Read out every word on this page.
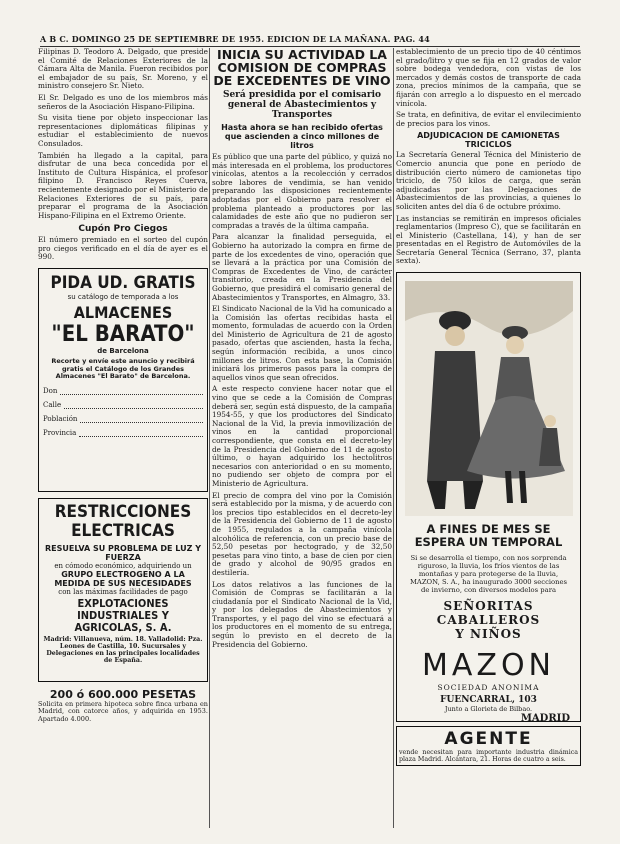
A B C. DOMINGO 25 DE SEPTIEMBRE DE 1955. EDICION DE LA MAÑANA. PAG. 44

Filipinas D. Teodoro A. Delgado, que preside el Comité de Relaciones Exteriores de la Cámara Alta de Manila. Fueron recibidos por el embajador de su país, Sr. Moreno, y el ministro consejero Sr. Nieto.

El Sr. Delgado es uno de los miembros más señeros de la Asociación Hispano-Filipina.

Su visita tiene por objeto inspeccionar las representaciones diplomáticas filipinas y estudiar el establecimiento de nuevos Consulados.

También ha llegado a la capital, para disfrutar de una beca concedida por el Instituto de Cultura Hispánica, el profesor filipino D. Francisco Reyes Cuerva, recientemente designado por el Ministerio de Relaciones Exteriores de su país, para preparar el programa de la Asociación Hispano-Filipina en el Extremo Oriente.

Cupón Pro Ciegos

El número premiado en el sorteo del cupón pro ciegos verificado en el día de ayer es el 990.

PIDA UD. GRATIS
su catálogo de temporada a los
ALMACENES
"EL BARATO"
de Barcelona
Recorte y envíe este anuncio y recibirá gratis el Catálogo de los Grandes Almacenes "El Barato" de Barcelona.
Don
Calle
Población
Provincia
RESTRICCIONES
ELECTRICAS
RESUELVA SU PROBLEMA DE LUZ Y FUERZA
en cómodo económico, adquiriendo un
GRUPO ELECTROGENO A LA MEDIDA DE SUS NECESIDADES
con las máximas facilidades de pago
EXPLOTACIONES INDUSTRIALES Y AGRICOLAS, S. A.
Madrid: Villanueva, núm. 18. Valladolid: Pza. Leones de Castilla, 10. Sucursales y Delegaciones en las principales localidades de España.
200 ó 600.000 PESETAS

Solicita en primera hipoteca sobre finca urbana en Madrid, con catorce años, y adquirida en 1953. Apartado 4.000.

INICIA SU ACTIVIDAD LA COMISION DE COMPRAS DE EXCEDENTES DE VINO
Será presidida por el comisario general de Abastecimientos y Transportes
Hasta ahora se han recibido ofertas que ascienden a cinco millones de litros

Es público que una parte del público, y quizá no más interesada en el problema, los productores vinícolas, atentos a la recolección y cerrados sobre labores de vendimia, se han venido preparando las disposiciones recientemente adoptadas por el Gobierno para resolver el problema planteado a productores por las calamidades de este año que no pudieron ser compradas a través de la última campaña.

Para alcanzar la finalidad perseguida, el Gobierno ha autorizado la compra en firme de parte de los excedentes de vino, operación que se llevará a la práctica por una Comisión de Compras de Excedentes de Vino, de carácter transitorio, creada en la Presidencia del Gobierno, que presidirá el comisario general de Abastecimientos y Transportes, en Almagro, 33.

El Sindicato Nacional de la Vid ha comunicado a la Comisión las ofertas recibidas hasta el momento, formuladas de acuerdo con la Orden del Ministerio de Agricultura de 21 de agosto pasado, ofertas que ascienden, hasta la fecha, según información recibida, a unos cinco millones de litros. Con esta base, la Comisión iniciará los primeros pasos para la compra de aquellos vinos que sean ofrecidos.

A este respecto conviene hacer notar que el vino que se cede a la Comisión de Compras deberá ser, según está dispuesto, de la campaña 1954-55, y que los productores del Sindicato Nacional de la Vid, la previa inmovilización de vinos en la cantidad proporcional correspondiente, que consta en el decreto-ley de la Presidencia del Gobierno de 11 de agosto último, o hayan adquirido los hectolitros necesarios con anterioridad o en su momento, no pudiendo ser objeto de compra por el Ministerio de Agricultura.

El precio de compra del vino por la Comisión será establecido por la misma, y de acuerdo con los precios tipo establecidos en el decreto-ley de la Presidencia del Gobierno de 11 de agosto de 1955, regulados a la campaña vinícola alcohólica de referencia, con un precio base de 52,50 pesetas por hectogrado, y de 32,50 pesetas para vino tinto, a base de cien por cien de grado y alcohol de 90/95 grados en destilería.

Los datos relativos a las funciones de la Comisión de Compras se facilitarán a la ciudadanía por el Sindicato Nacional de la Vid, y por los delegados de Abastecimientos y Transportes, y el pago del vino se efectuará a los productores en el momento de su entrega, según lo previsto en el decreto de la Presidencia del Gobierno.

establecimiento de un precio tipo de 40 céntimos el grado/litro y que se fija en 12 grados de valor sobre bodega vendedora, con vistas de los mercados y demás costos de transporte de cada zona, precios mínimos de la campaña, que se fijarán con arreglo a lo dispuesto en el mercado vinícola.

Se trata, en definitiva, de evitar el envilecimiento de precios para los vinos.

ADJUDICACION DE CAMIONETAS TRICICLOS

La Secretaría General Técnica del Ministerio de Comercio anuncia que pone en período de distribución cierto número de camionetas tipo triciclo, de 750 kilos de carga, que serán adjudicadas por las Delegaciones de Abastecimientos de las provincias, a quienes lo soliciten antes del día 6 de octubre próximo.

Las instancias se remitirán en impresos oficiales reglamentarios (Impreso C), que se facilitarán en el Ministerio (Castellana, 14), y han de ser presentadas en el Registro de Automóviles de la Secretaría General Técnica (Serrano, 37, planta sexta).

A FINES DE MES SE
ESPERA UN TEMPORAL
Si se desarrolla el tiempo, con nos sorprenda riguroso, la lluvia, los fríos vientos de las montañas y para protegerse de la lluvia, MAZON, S. A., ha inaugurado 3000 secciones de invierno, con diversos modelos para
SEÑORITAS
CABALLEROS
Y NIÑOS
MAZON
SOCIEDAD ANONIMA
FUENCARRAL, 103
Junto a Glorieta de Bilbao.
MADRID
AGENTE

vende necesitan para importante industria dinámica plaza Madrid. Alcántara, 21. Horas de cuatro a seis.
